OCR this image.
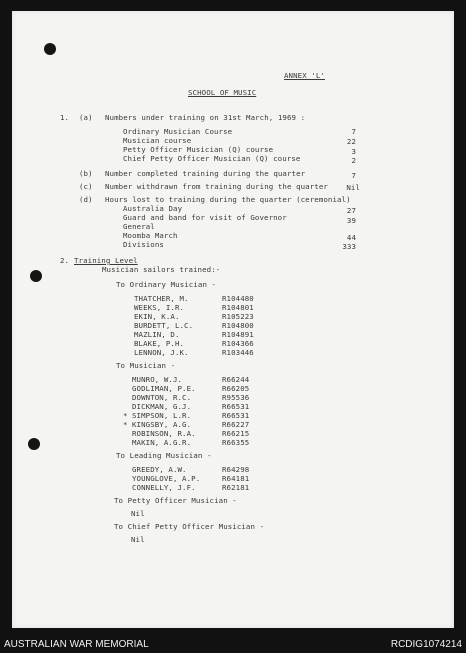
ANNEX 'L'
SCHOOL OF MUSIC
1. (a) Numbers under training on 31st March, 1969 :
Ordinary Musician Course	7
Musician course	22
Petty Officer Musician (Q) course	3
Chief Petty Officer Musician (Q) course	2
(b) Number completed training during the quarter	7
(c) Number withdrawn from training during the quarter	Nil
(d) Hours lost to training during the quarter (ceremonial)
Australia Day	27
Guard and band for visit of Governor	39
General
Moomba March	44
Divisions	333
2. Training Level
Musician sailors trained:-
To Ordinary Musician -
THATCHER, M.	R104480
WEEKS, I.R.	R104801
EKIN, K.A.	R105223
BURDETT, L.C.	R104800
MAZLIN, D.	R104891
BLAKE, P.H.	R104366
LENNON, J.K.	R103446
To Musician -
MUNRO, W.J.	R66244
GODLIMAN, P.E.	R66205
DOWNTON, R.C.	R95536
DICKMAN, G.J.	R66531
* SIMPSON, L.R.	R66531
* KINGSBY, A.G.	R66227
ROBINSON, R.A.	R66215
MAKIN, A.G.R.	R66355
To Leading Musician -
GREEDY, A.W.	R64298
YOUNGLOVE, A.P.	R64181
CONNELLY, J.F.	R62181
To Petty Officer Musician -
Nil
To Chief Petty Officer Musician -
Nil
AUSTRALIAN WAR MEMORIAL	RCDIG1074214
